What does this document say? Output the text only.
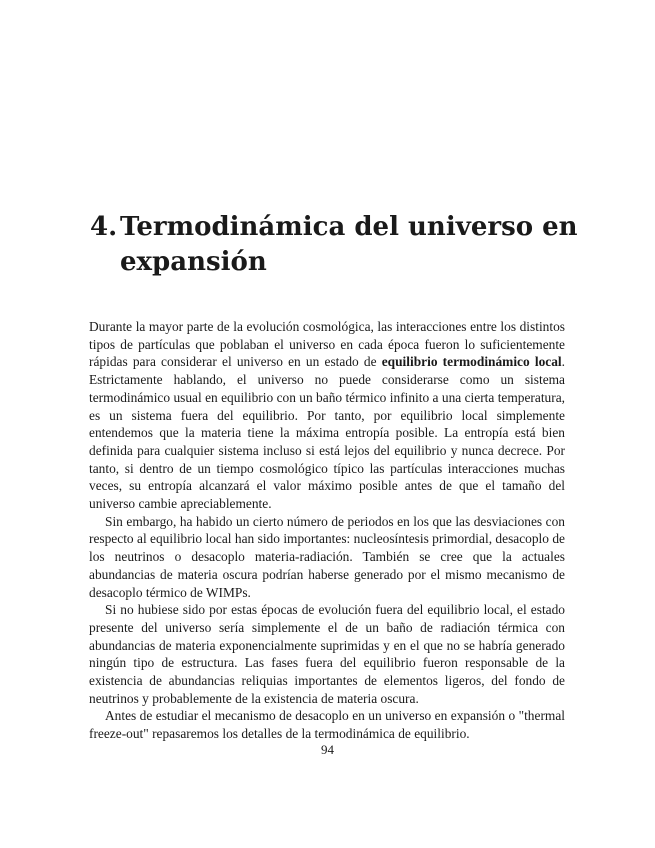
4. Termodinámica del universo en expansión

Durante la mayor parte de la evolución cosmológica, las interacciones entre los distintos tipos de partículas que poblaban el universo en cada época fueron lo suficientemente rápidas para considerar el universo en un estado de equilibrio termodinámico local. Estrictamente hablando, el universo no puede considerarse como un sistema termodinámico usual en equilibrio con un baño térmico infinito a una cierta temperatura, es un sistema fuera del equilibrio. Por tanto, por equilibrio local simplemente entendemos que la materia tiene la máxima entropía posible. La entropía está bien definida para cualquier sistema incluso si está lejos del equilibrio y nunca decrece. Por tanto, si dentro de un tiempo cosmológico típico las partículas interacciones muchas veces, su entropía alcanzará el valor máximo posible antes de que el tamaño del universo cambie apreciablemente.

Sin embargo, ha habido un cierto número de periodos en los que las desviaciones con respecto al equilibrio local han sido importantes: nucleosíntesis primordial, desacoplo de los neutrinos o desacoplo materia-radiación. También se cree que la actuales abundancias de materia oscura podrían haberse generado por el mismo mecanismo de desacoplo térmico de WIMPs.

Si no hubiese sido por estas épocas de evolución fuera del equilibrio local, el estado presente del universo sería simplemente el de un baño de radiación térmica con abundancias de materia exponencialmente suprimidas y en el que no se habría generado ningún tipo de estructura. Las fases fuera del equilibrio fueron responsable de la existencia de abundancias reliquias importantes de elementos ligeros, del fondo de neutrinos y probablemente de la existencia de materia oscura.

Antes de estudiar el mecanismo de desacoplo en un universo en expansión o "thermal freeze-out" repasaremos los detalles de la termodinámica de equilibrio.

94
